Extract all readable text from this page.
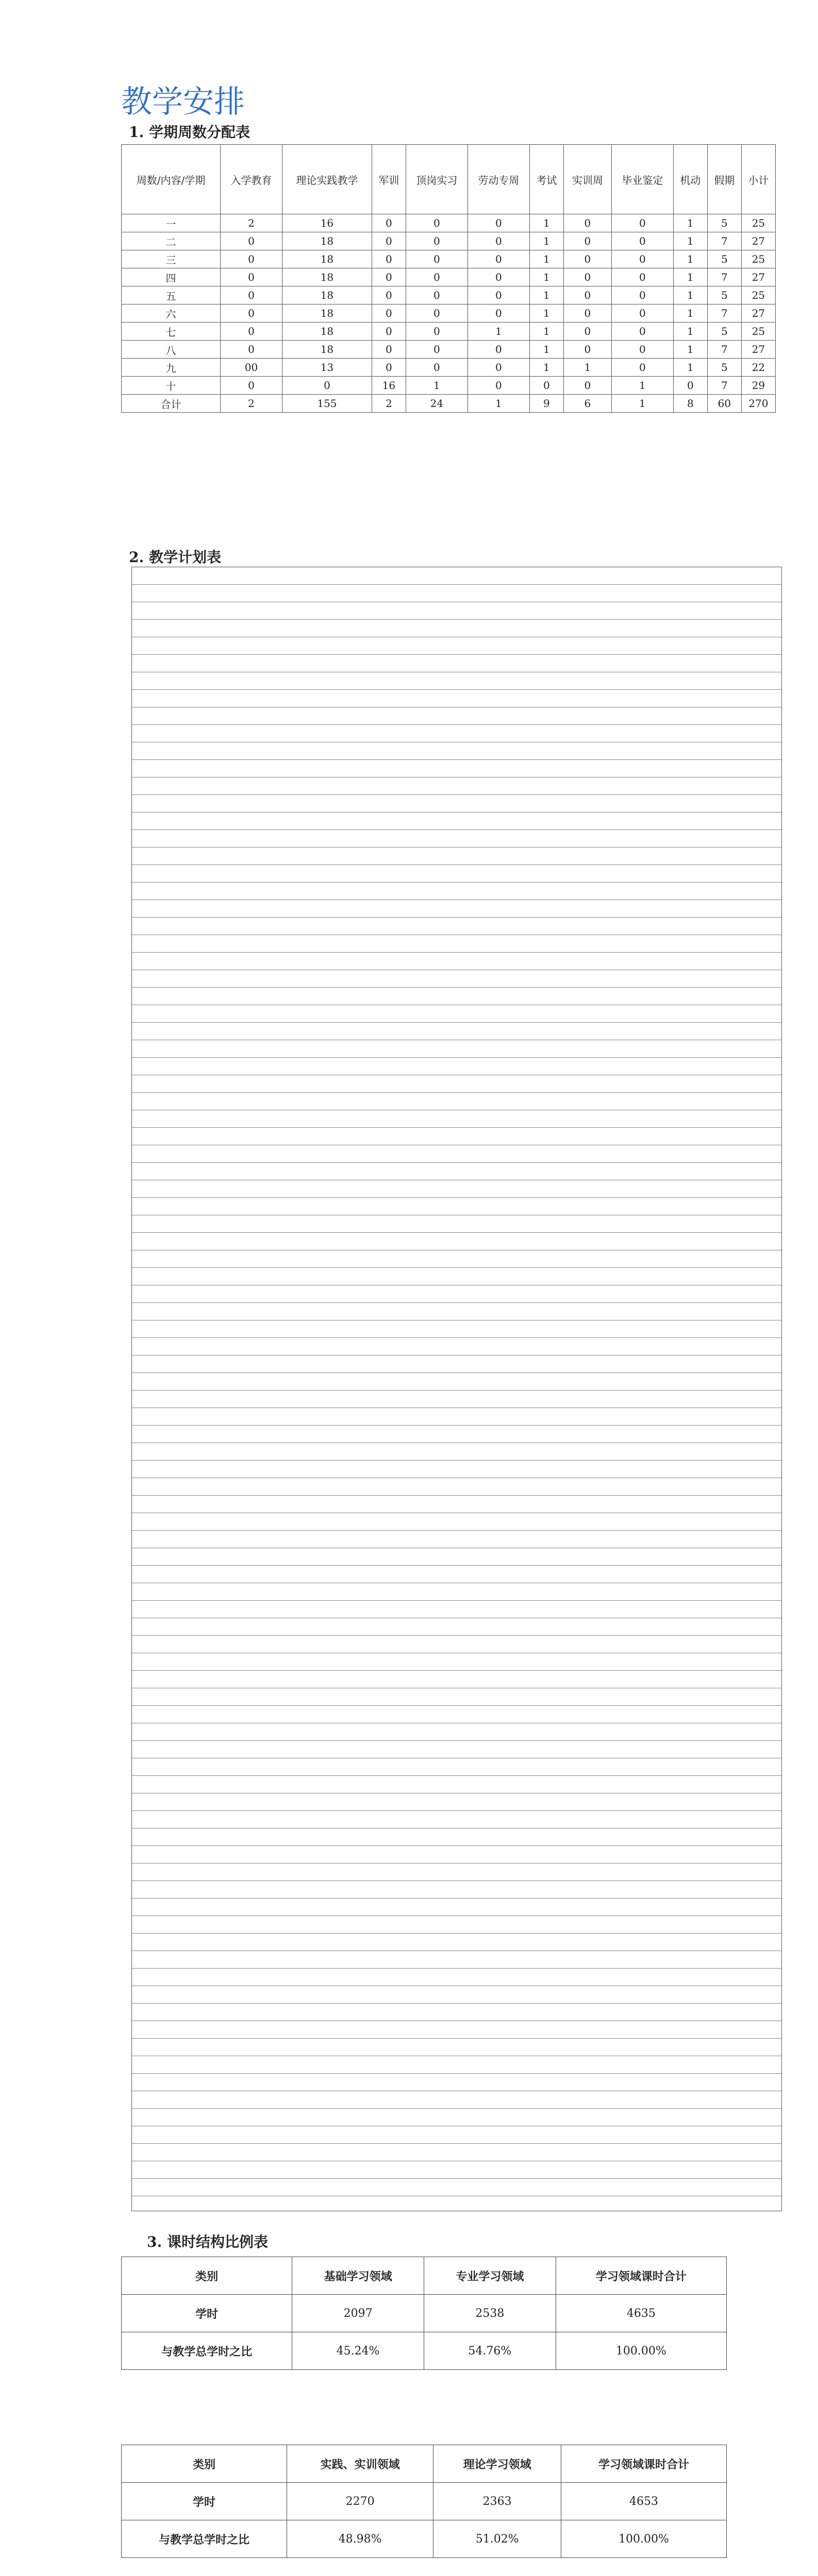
教学安排
1. 学期周数分配表
周数/内容/学期	入学教育	理论实践教学	军训	顶岗实习	劳动专周	考试	实训周	毕业鉴定	机动	假期	小计
一	2	16	0	0	0	1	0	0	1	5	25
二	0	18	0	0	0	1	0	0	1	7	27
三	0	18	0	0	0	1	0	0	1	5	25
四	0	18	0	0	0	1	0	0	1	7	27
五	0	18	0	0	0	1	0	0	1	5	25
六	0	18	0	0	0	1	0	0	1	7	27
七	0	18	0	0	1	1	0	0	1	5	25
八	0	18	0	0	0	1	0	0	1	7	27
九	00	13	0	0	0	1	1	0	1	5	22
十	0	0	16	1	0	0	0	1	0	7	29
合计	2	155	2	24	1	9	6	1	8	60	270
2. 教学计划表
3. 课时结构比例表
类别	基础学习领域	专业学习领域	学习领域课时合计
学时	2097	2538	4635
与教学总学时之比	45.24%	54.76%	100.00%
类别	实践、实训领域	理论学习领域	学习领域课时合计
学时	2270	2363	4653
与教学总学时之比	48.98%	51.02%	100.00%
